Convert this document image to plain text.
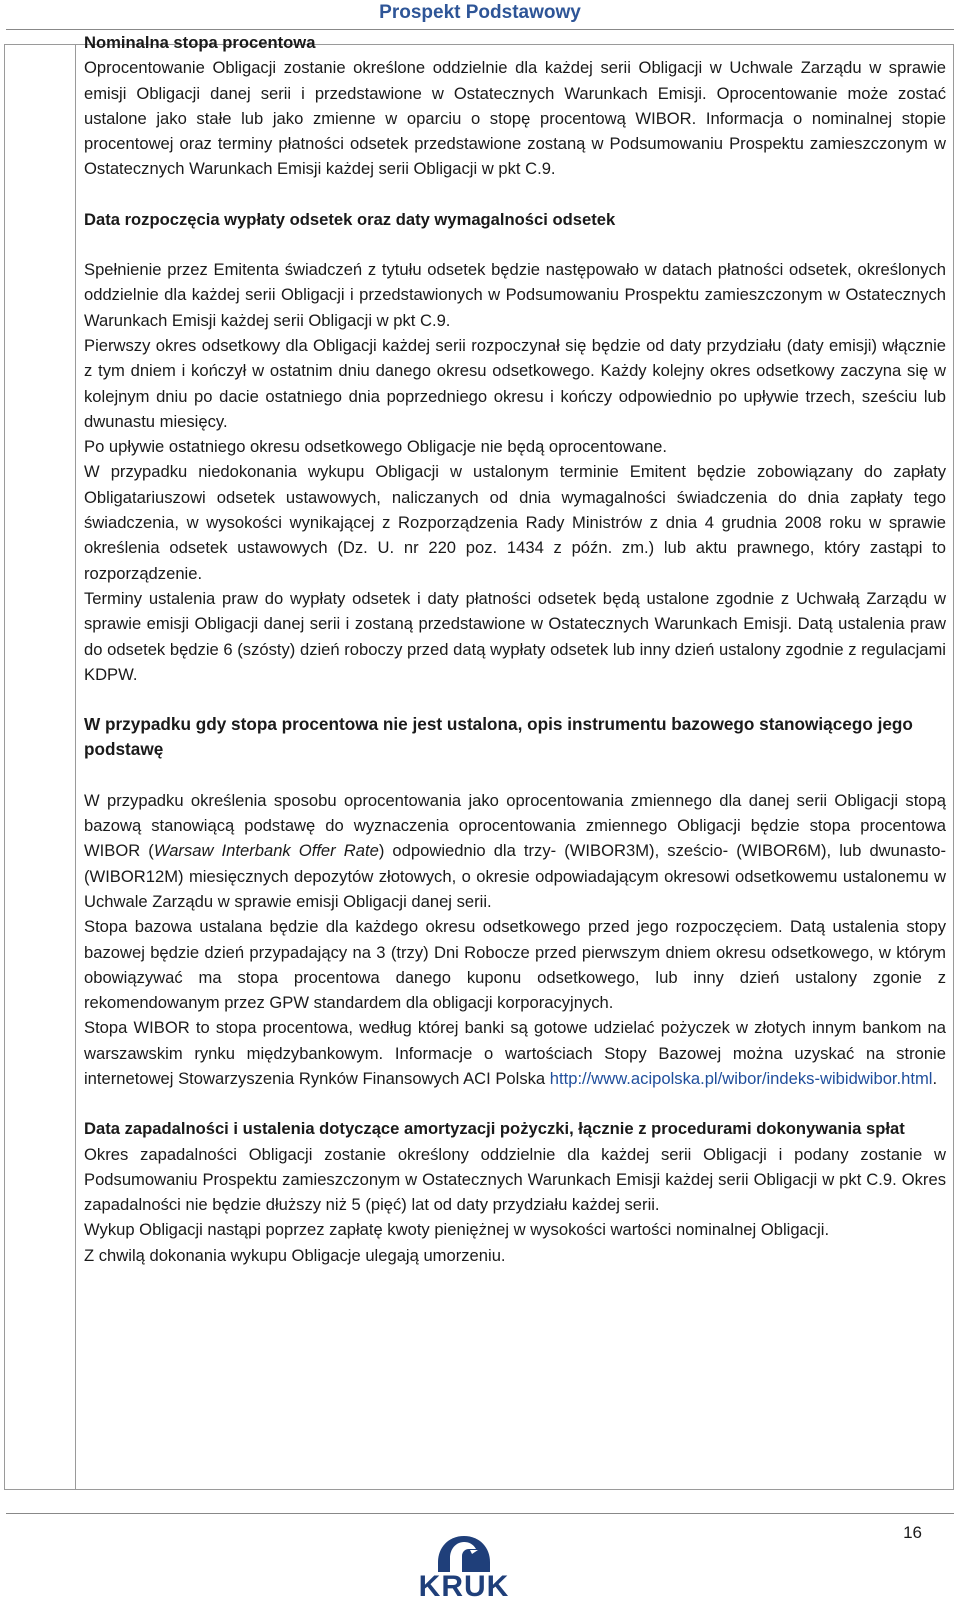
Prospekt Podstawowy
Nominalna stopa procentowa

Oprocentowanie Obligacji zostanie określone oddzielnie dla każdej serii Obligacji w Uchwale Zarządu w sprawie emisji Obligacji danej serii i przedstawione w Ostatecznych Warunkach Emisji. Oprocentowanie może zostać ustalone jako stałe lub jako zmienne w oparciu o stopę procentową WIBOR. Informacja o nominalnej stopie procentowej oraz terminy płatności odsetek przedstawione zostaną w Podsumowaniu Prospektu zamieszczonym w Ostatecznych Warunkach Emisji każdej serii Obligacji w pkt C.9.

Data rozpoczęcia wypłaty odsetek oraz daty wymagalności odsetek

Spełnienie przez Emitenta świadczeń z tytułu odsetek będzie następowało w datach płatności odsetek, określonych oddzielnie dla każdej serii Obligacji i przedstawionych w Podsumowaniu Prospektu zamieszczonym w Ostatecznych Warunkach Emisji każdej serii Obligacji w pkt C.9.

Pierwszy okres odsetkowy dla Obligacji każdej serii rozpoczynał się będzie od daty przydziału (daty emisji) włącznie z tym dniem i kończył w ostatnim dniu danego okresu odsetkowego. Każdy kolejny okres odsetkowy zaczyna się w kolejnym dniu po dacie ostatniego dnia poprzedniego okresu i kończy odpowiednio po upływie trzech, sześciu lub dwunastu miesięcy.

Po upływie ostatniego okresu odsetkowego Obligacje nie będą oprocentowane.

W przypadku niedokonania wykupu Obligacji w ustalonym terminie Emitent będzie zobowiązany do zapłaty Obligatariuszowi odsetek ustawowych, naliczanych od dnia wymagalności świadczenia do dnia zapłaty tego świadczenia, w wysokości wynikającej z Rozporządzenia Rady Ministrów z dnia 4 grudnia 2008 roku w sprawie określenia odsetek ustawowych (Dz. U. nr 220 poz. 1434 z późn. zm.) lub aktu prawnego, który zastąpi to rozporządzenie.

Terminy ustalenia praw do wypłaty odsetek i daty płatności odsetek będą ustalone zgodnie z Uchwałą Zarządu w sprawie emisji Obligacji danej serii i zostaną przedstawione w Ostatecznych Warunkach Emisji. Datą ustalenia praw do odsetek będzie 6 (szósty) dzień roboczy przed datą wypłaty odsetek lub inny dzień ustalony zgodnie z regulacjami KDPW.

W przypadku gdy stopa procentowa nie jest ustalona, opis instrumentu bazowego stanowiącego jego podstawę

W przypadku określenia sposobu oprocentowania jako oprocentowania zmiennego dla danej serii Obligacji stopą bazową stanowiącą podstawę do wyznaczenia oprocentowania zmiennego Obligacji będzie stopa procentowa WIBOR (Warsaw Interbank Offer Rate) odpowiednio dla trzy- (WIBOR3M), sześcio- (WIBOR6M), lub dwunasto- (WIBOR12M) miesięcznych depozytów złotowych, o okresie odpowiadającym okresowi odsetkowemu ustalonemu w Uchwale Zarządu w sprawie emisji Obligacji danej serii.

Stopa bazowa ustalana będzie dla każdego okresu odsetkowego przed jego rozpoczęciem. Datą ustalenia stopy bazowej będzie dzień przypadający na 3 (trzy) Dni Robocze przed pierwszym dniem okresu odsetkowego, w którym obowiązywać ma stopa procentowa danego kuponu odsetkowego, lub inny dzień ustalony zgonie z rekomendowanym przez GPW standardem dla obligacji korporacyjnych.

Stopa WIBOR to stopa procentowa, według której banki są gotowe udzielać pożyczek w złotych innym bankom na warszawskim rynku międzybankowym. Informacje o wartościach Stopy Bazowej można uzyskać na stronie internetowej Stowarzyszenia Rynków Finansowych ACI Polska http://www.acipolska.pl/wibor/indeks-wibidwibor.html.

Data zapadalności i ustalenia dotyczące amortyzacji pożyczki, łącznie z procedurami dokonywania spłat

Okres zapadalności Obligacji zostanie określony oddzielnie dla każdej serii Obligacji i podany zostanie w Podsumowaniu Prospektu zamieszczonym w Ostatecznych Warunkach Emisji każdej serii Obligacji w pkt C.9. Okres zapadalności nie będzie dłuższy niż 5 (pięć) lat od daty przydziału każdej serii.

Wykup Obligacji nastąpi poprzez zapłatę kwoty pieniężnej w wysokości wartości nominalnej Obligacji.

Z chwilą dokonania wykupu Obligacje ulegają umorzeniu.

16
KRUK
